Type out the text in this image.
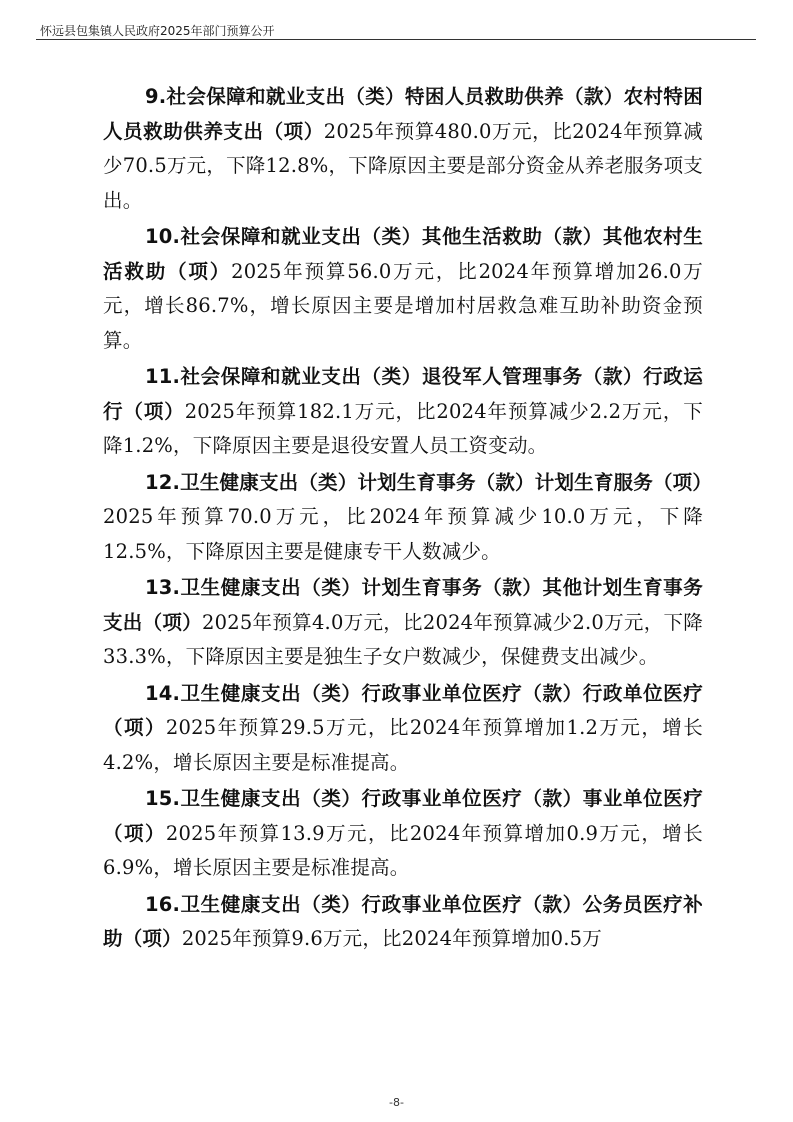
怀远县包集镇人民政府2025年部门预算公开

9.社会保障和就业支出（类）特困人员救助供养（款）农村特困人员救助供养支出（项）2025年预算480.0万元，比2024年预算减少70.5万元，下降12.8%，下降原因主要是部分资金从养老服务项支出。

10.社会保障和就业支出（类）其他生活救助（款）其他农村生活救助（项）2025年预算56.0万元，比2024年预算增加26.0万元，增长86.7%，增长原因主要是增加村居救急难互助补助资金预算。

11.社会保障和就业支出（类）退役军人管理事务（款）行政运行（项）2025年预算182.1万元，比2024年预算减少2.2万元，下降1.2%，下降原因主要是退役安置人员工资变动。

12.卫生健康支出（类）计划生育事务（款）计划生育服务（项）2025年预算70.0万元，比2024年预算减少10.0万元，下降12.5%，下降原因主要是健康专干人数减少。

13.卫生健康支出（类）计划生育事务（款）其他计划生育事务支出（项）2025年预算4.0万元，比2024年预算减少2.0万元，下降33.3%，下降原因主要是独生子女户数减少，保健费支出减少。

14.卫生健康支出（类）行政事业单位医疗（款）行政单位医疗（项）2025年预算29.5万元，比2024年预算增加1.2万元，增长4.2%，增长原因主要是标准提高。

15.卫生健康支出（类）行政事业单位医疗（款）事业单位医疗（项）2025年预算13.9万元，比2024年预算增加0.9万元，增长6.9%，增长原因主要是标准提高。

16.卫生健康支出（类）行政事业单位医疗（款）公务员医疗补助（项）2025年预算9.6万元，比2024年预算增加0.5万

-8-
